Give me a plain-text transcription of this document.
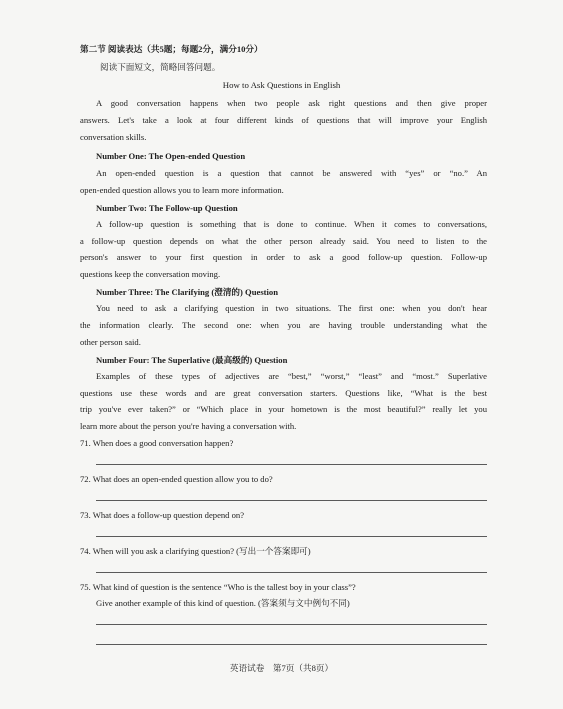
第二节 阅读表达（共5题；每题2分，满分10分）
阅读下面短文，简略回答问题。
How to Ask Questions in English
A good conversation happens when two people ask right questions and then give proper
answers. Let's take a look at four different kinds of questions that will improve your English
conversation skills.
Number One: The Open-ended Question
An open-ended question is a question that cannot be answered with “yes” or “no.” An
open-ended question allows you to learn more information.
Number Two: The Follow-up Question
A follow-up question is something that is done to continue. When it comes to conversations,
a follow-up question depends on what the other person already said. You need to listen to the
person's answer to your first question in order to ask a good follow-up question. Follow-up
questions keep the conversation moving.
Number Three: The Clarifying (澄清的) Question
You need to ask a clarifying question in two situations. The first one: when you don't hear
the information clearly. The second one: when you are having trouble understanding what the
other person said.
Number Four: The Superlative (最高级的) Question
Examples of these types of adjectives are “best,” “worst,” “least” and “most.” Superlative
questions use these words and are great conversation starters. Questions like, “What is the best
trip you've ever taken?” or “Which place in your hometown is the most beautiful?” really let you
learn more about the person you're having a conversation with.
71. When does a good conversation happen?
72. What does an open-ended question allow you to do?
73. What does a follow-up question depend on?
74. When will you ask a clarifying question? (写出一个答案即可)
75. What kind of question is the sentence “Who is the tallest boy in your class”?
Give another example of this kind of question. (答案须与文中例句不同)
英语试卷　第7页（共8页）
